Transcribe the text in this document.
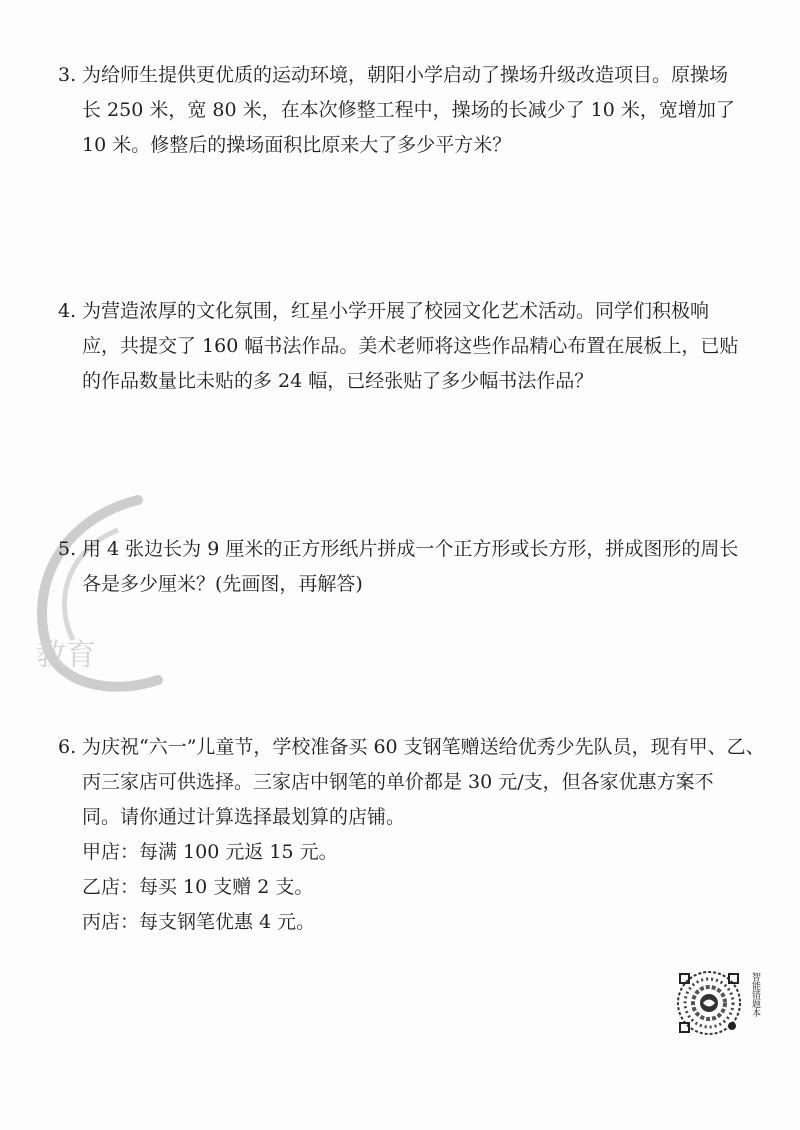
教育
3. 为给师生提供更优质的运动环境，朝阳小学启动了操场升级改造项目。原操场
长 250 米，宽 80 米，在本次修整工程中，操场的长减少了 10 米，宽增加了
10 米。修整后的操场面积比原来大了多少平方米？
4. 为营造浓厚的文化氛围，红星小学开展了校园文化艺术活动。同学们积极响
应，共提交了 160 幅书法作品。美术老师将这些作品精心布置在展板上，已贴
的作品数量比未贴的多 24 幅，已经张贴了多少幅书法作品？
5. 用 4 张边长为 9 厘米的正方形纸片拼成一个正方形或长方形，拼成图形的周长
各是多少厘米？(先画图，再解答)
6. 为庆祝“六一”儿童节，学校准备买 60 支钢笔赠送给优秀少先队员，现有甲、乙、
丙三家店可供选择。三家店中钢笔的单价都是 30 元/支，但各家优惠方案不
同。请你通过计算选择最划算的店铺。
甲店：每满 100 元返 15 元。
乙店：每买 10 支赠 2 支。
丙店：每支钢笔优惠 4 元。
智能错题本
